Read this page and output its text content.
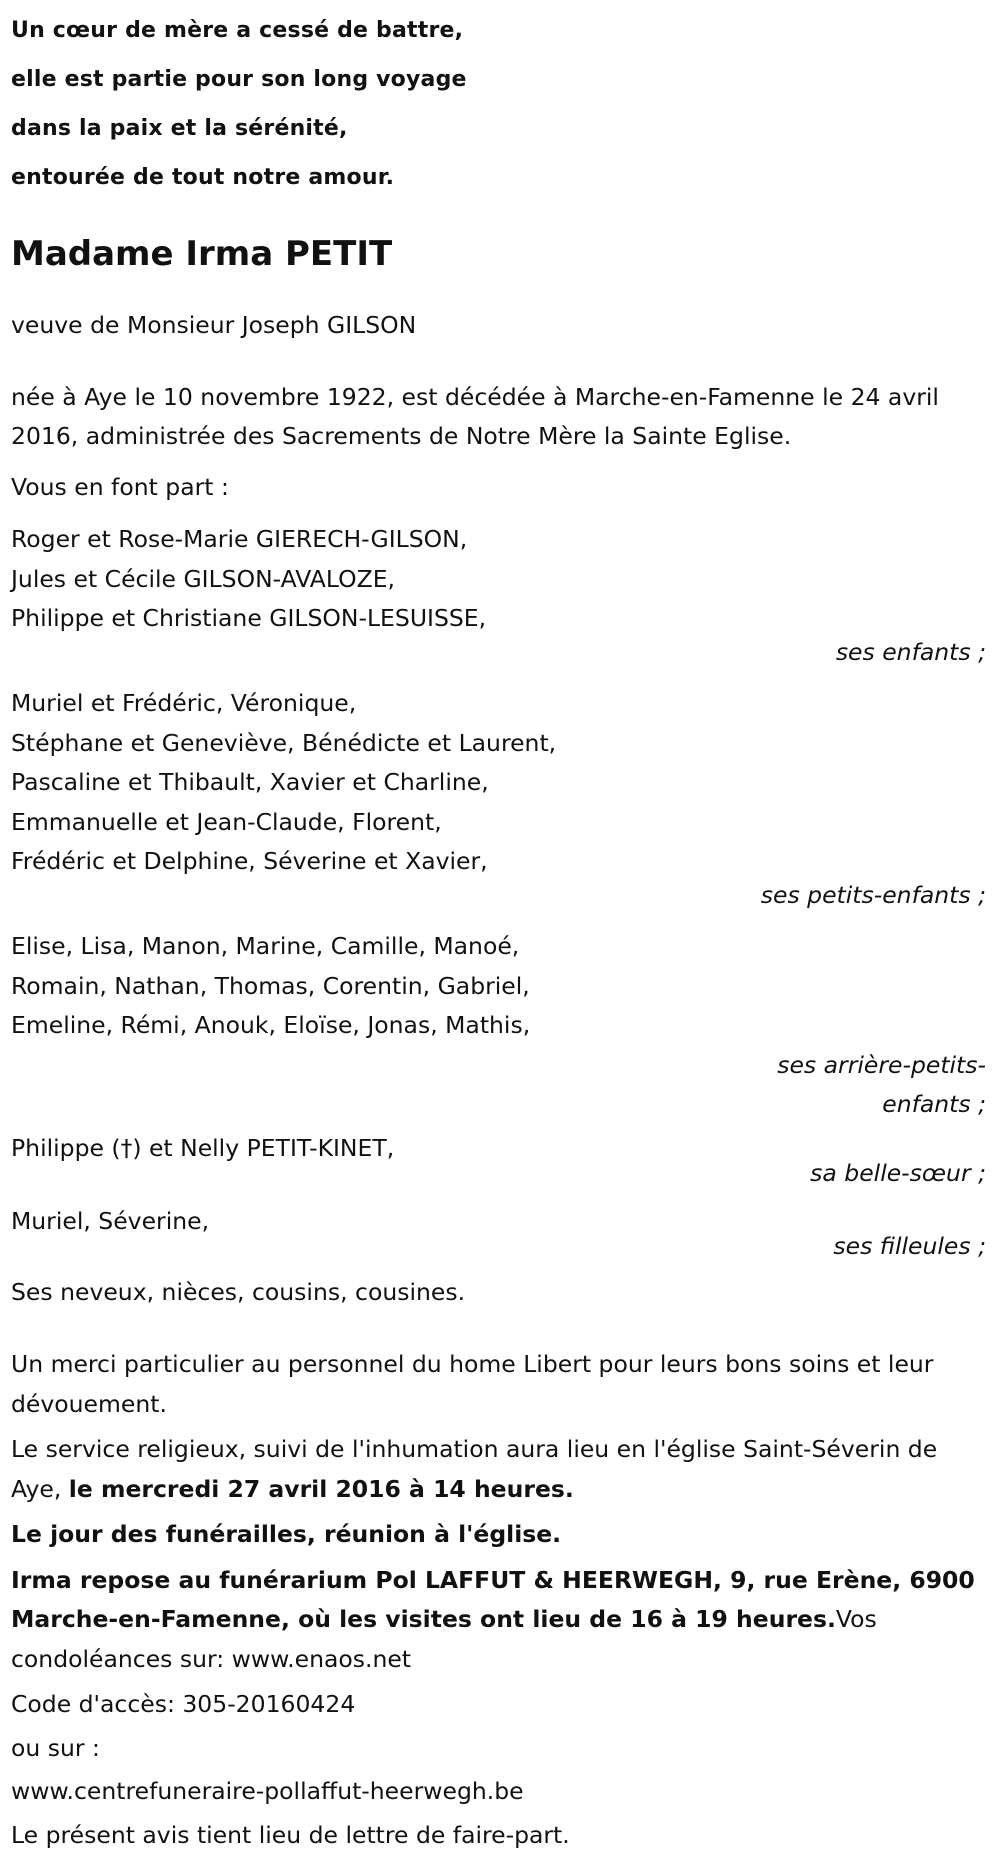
Un cœur de mère a cessé de battre,

elle est partie pour son long voyage

dans la paix et la sérénité,

entourée de tout notre amour.

Madame Irma PETIT

veuve de Monsieur Joseph GILSON

née à Aye le 10 novembre 1922, est décédée à Marche-en-Famenne le 24 avril 2016, administrée des Sacrements de Notre Mère la Sainte Eglise.

Vous en font part :

Roger et Rose-Marie GIERECH-GILSON,
Jules et Cécile GILSON-AVALOZE,
Philippe et Christiane GILSON-LESUISSE,
ses enfants ;
Muriel et Frédéric, Véronique,
Stéphane et Geneviève, Bénédicte et Laurent,
Pascaline et Thibault, Xavier et Charline,
Emmanuelle et Jean-Claude, Florent,
Frédéric et Delphine, Séverine et Xavier,
ses petits-enfants ;
Elise, Lisa, Manon, Marine, Camille, Manoé,
Romain, Nathan, Thomas, Corentin, Gabriel,
Emeline, Rémi, Anouk, Eloïse, Jonas, Mathis,
ses arrière-petits-enfants ;
Philippe (†) et Nelly PETIT-KINET,
sa belle-sœur ;
Muriel, Séverine,
ses filleules ;

Ses neveux, nièces, cousins, cousines.

Un merci particulier au personnel du home Libert pour leurs bons soins et leur dévouement.

Le service religieux, suivi de l'inhumation aura lieu en l'église Saint-Séverin de Aye, le mercredi 27 avril 2016 à 14 heures.

Le jour des funérailles, réunion à l'église.

Irma repose au funérarium Pol LAFFUT & HEERWEGH, 9, rue Erène, 6900 Marche-en-Famenne, où les visites ont lieu de 16 à 19 heures.Vos condoléances sur: www.enaos.net

Code d'accès: 305-20160424

ou sur :

www.centrefuneraire-pollaffut-heerwegh.be

Le présent avis tient lieu de lettre de faire-part.
